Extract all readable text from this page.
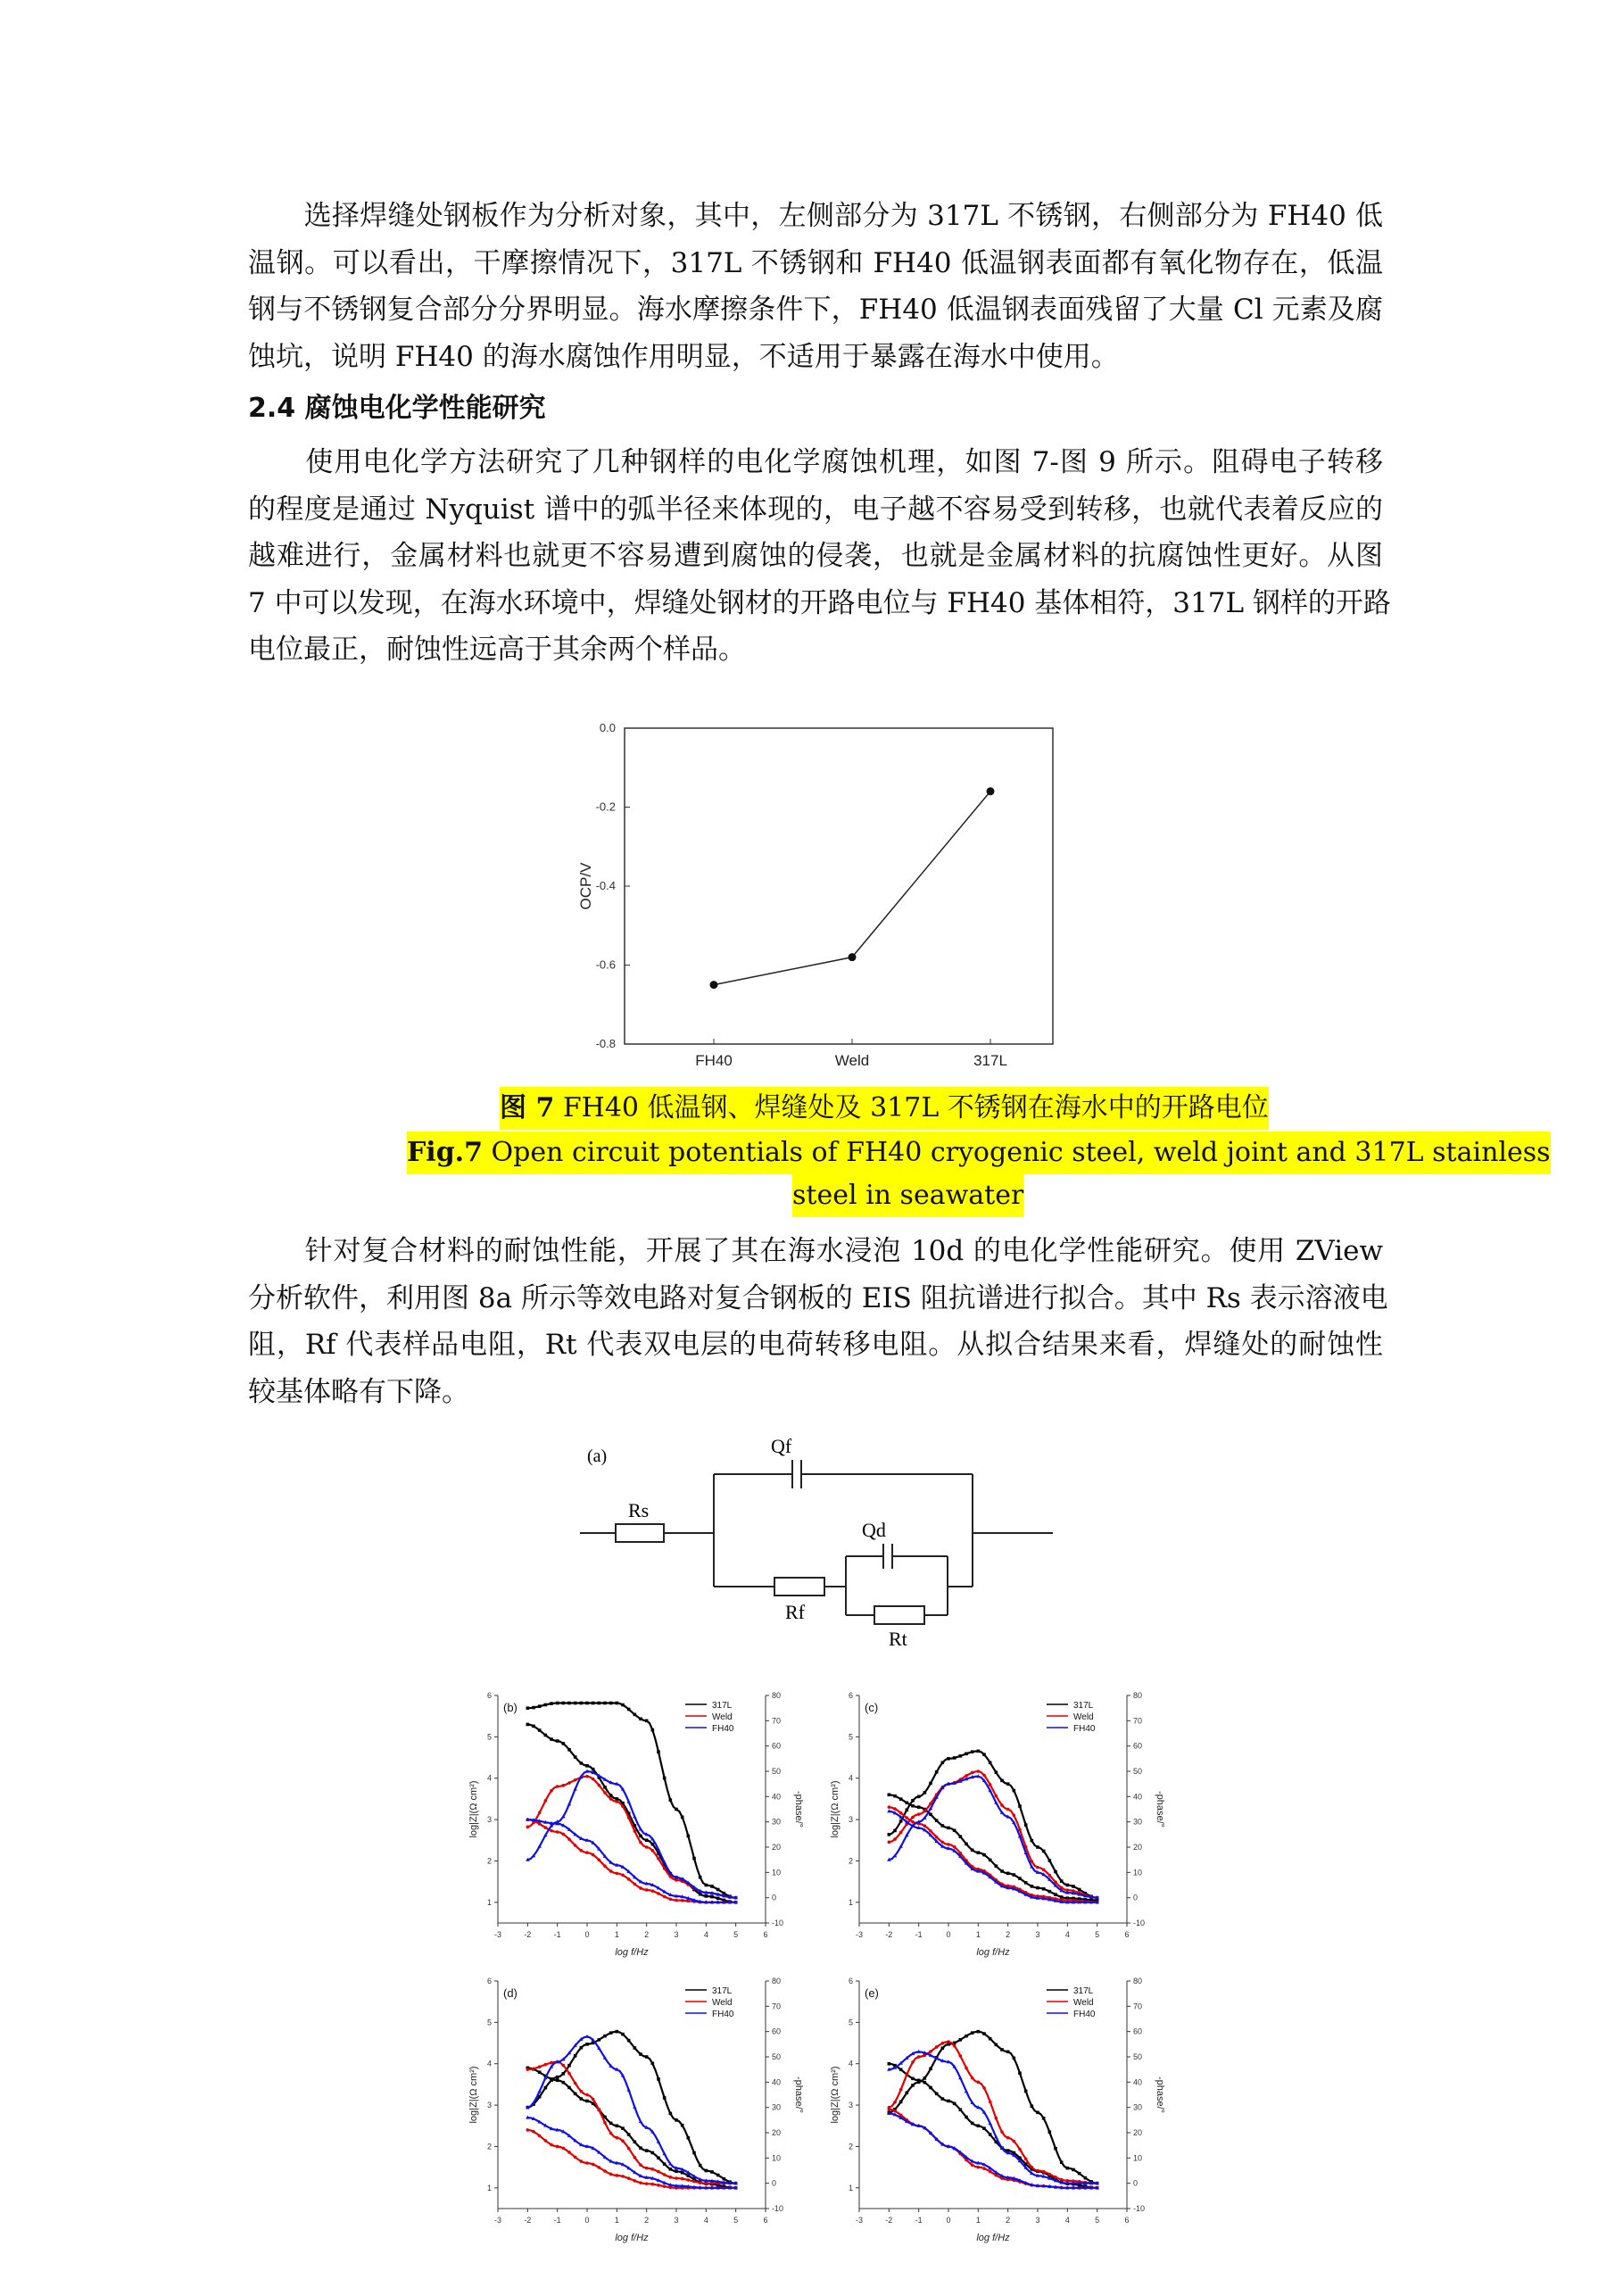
　　选择焊缝处钢板作为分析对象，其中，左侧部分为 317L 不锈钢，右侧部分为 FH40 低
温钢。可以看出，干摩擦情况下，317L 不锈钢和 FH40 低温钢表面都有氧化物存在，低温
钢与不锈钢复合部分分界明显。海水摩擦条件下，FH40 低温钢表面残留了大量 Cl 元素及腐
蚀坑，说明 FH40 的海水腐蚀作用明显，不适用于暴露在海水中使用。
2.4 腐蚀电化学性能研究
　　使用电化学方法研究了几种钢样的电化学腐蚀机理，如图 7-图 9 所示。阻碍电子转移
的程度是通过 Nyquist 谱中的弧半径来体现的，电子越不容易受到转移，也就代表着反应的
越难进行，金属材料也就更不容易遭到腐蚀的侵袭，也就是金属材料的抗腐蚀性更好。从图
7 中可以发现，在海水环境中，焊缝处钢材的开路电位与 FH40 基体相符，317L 钢样的开路
电位最正，耐蚀性远高于其余两个样品。
0.0
-0.2
-0.4
-0.6
-0.8
FH40	Weld	317L
OCP/V
图 7 FH40 低温钢、焊缝处及 317L 不锈钢在海水中的开路电位
Fig.7 Open circuit potentials of FH40 cryogenic steel, weld joint and 317L stainless
steel in seawater
　　针对复合材料的耐蚀性能，开展了其在海水浸泡 10d 的电化学性能研究。使用 ZView
分析软件，利用图 8a 所示等效电路对复合钢板的 EIS 阻抗谱进行拟合。其中 Rs 表示溶液电
阻，Rf 代表样品电阻，Rt 代表双电层的电荷转移电阻。从拟合结果来看，焊缝处的耐蚀性
较基体略有下降。
(a)
Rs
Qf
Qd
Rf
Rt
1
2
3
4
5
6
-10
0
10
20
30
40
50
60
70
80
-3	-2	-1	0	1	2	3	4	5	6
log f/Hz
log|Z|(Ω cm²)	-phase/°
(b)	317L
Weld
FH40
1
2
3
4
5
6
-10
0
10
20
30
40
50
60
70
80
-3	-2	-1	0	1	2	3	4	5	6
log f/Hz
log|Z|(Ω cm²)	-phase/°
(c)	317L
Weld
FH40
1
2
3
4
5
6
-10
0
10
20
30
40
50
60
70
80
-3	-2	-1	0	1	2	3	4	5	6
log f/Hz
log|Z|(Ω cm²)	-phase/°
(d)	317L
Weld
FH40
1
2
3
4
5
6
-10
0
10
20
30
40
50
60
70
80
-3	-2	-1	0	1	2	3	4	5	6
log f/Hz
log|Z|(Ω cm²)	-phase/°
(e)	317L
Weld
FH40
